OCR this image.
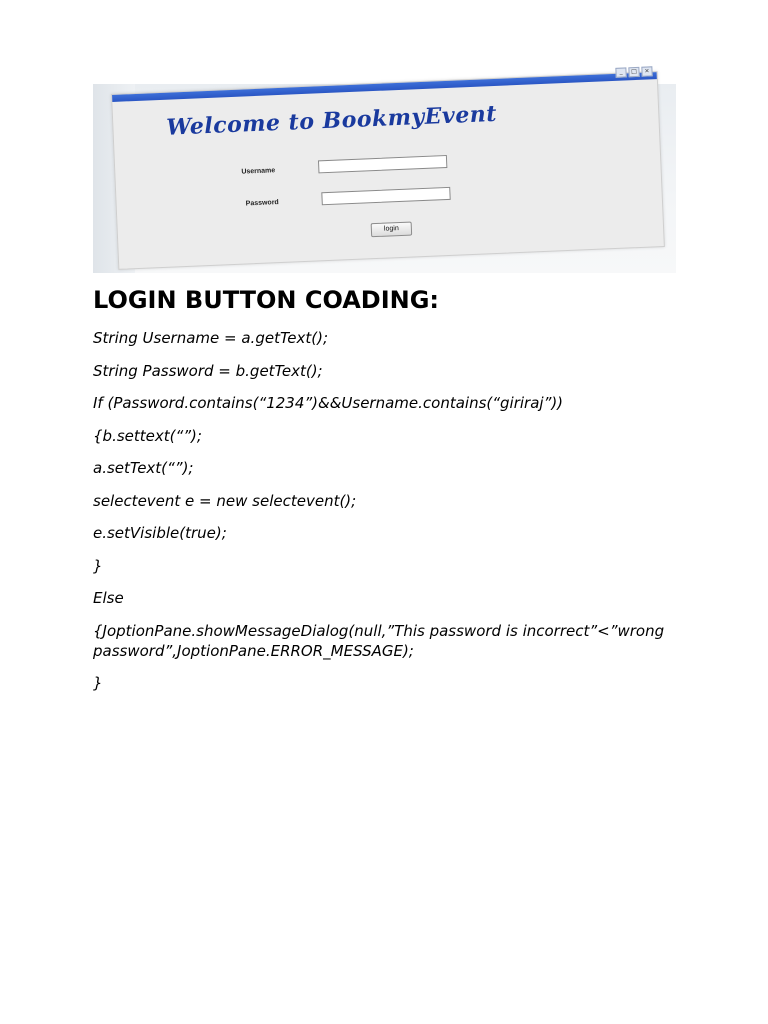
_	□	×
Welcome to BookmyEvent
Username
Password
login
LOGIN BUTTON COADING:
String Username = a.getText();
String Password = b.getText();
If (Password.contains(“1234”)&&Username.contains(“giriraj”))
{b.settext(“”);
a.setText(“”);
selectevent e = new selectevent();
e.setVisible(true);
}
Else
{JoptionPane.showMessageDialog(null,”This password is incorrect”<”wrong password”,JoptionPane.ERROR_MESSAGE);
}
